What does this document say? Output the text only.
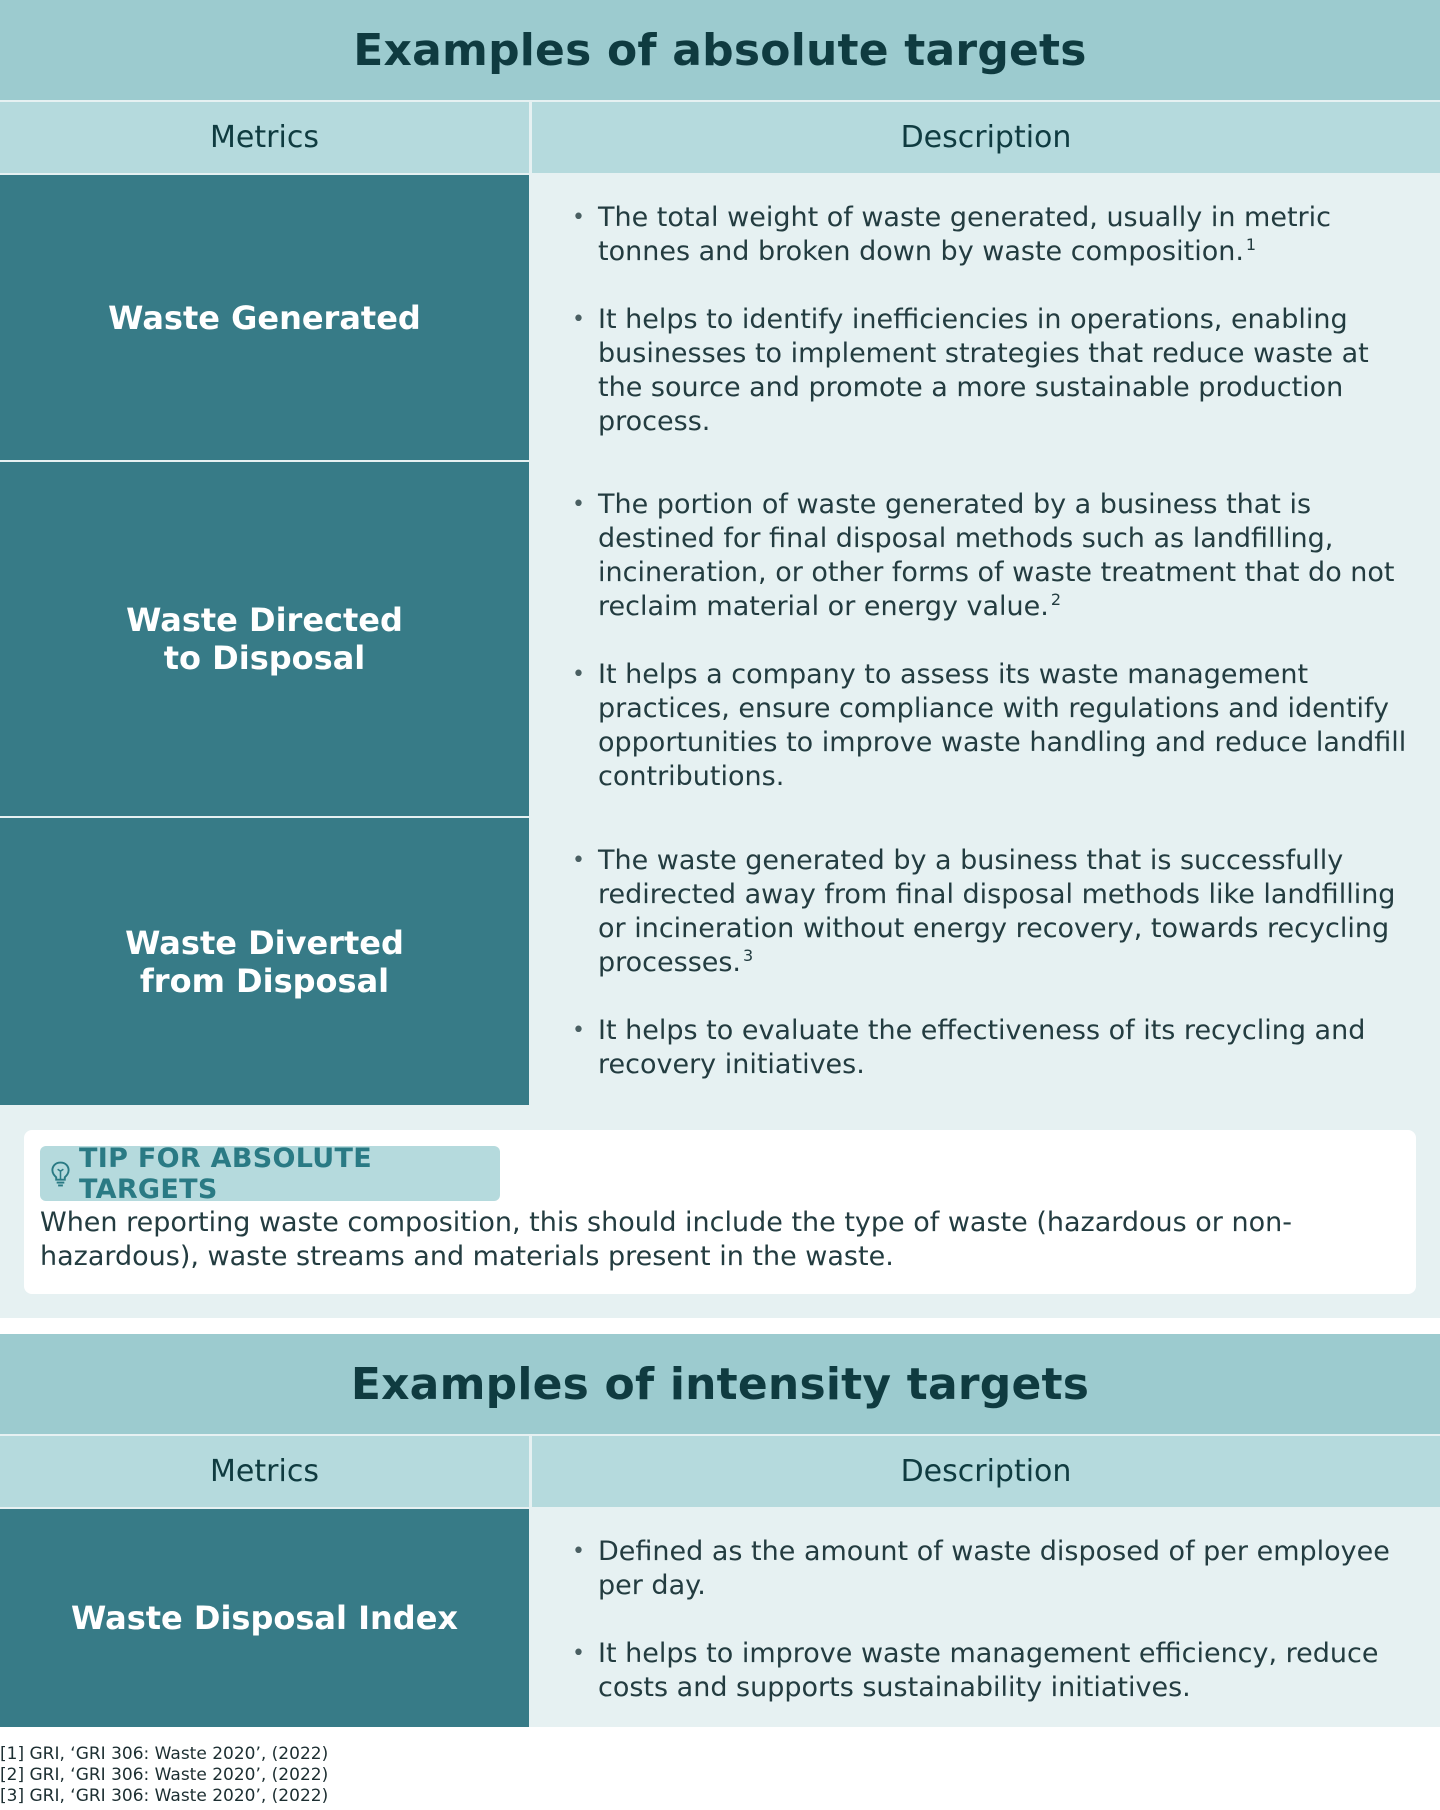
Examples of absolute targets
Metrics	Description
Waste Generated
• The total weight of waste generated, usually in metric tonnes and broken down by waste composition. $^1$
• It helps to identify inefficiencies in operations, enabling businesses to implement strategies that reduce waste at the source and promote a more sustainable production process.
Waste Directed to Disposal
• The portion of waste generated by a business that is destined for final disposal methods such as landfilling, incineration, or other forms of waste treatment that do not reclaim material or energy value. $^2$
• It helps a company to assess its waste management practices, ensure compliance with regulations and identify opportunities to improve waste handling and reduce landfill contributions.
Waste Diverted from Disposal
• The waste generated by a business that is successfully redirected away from final disposal methods like landfilling or incineration without energy recovery, towards recycling processes. $^3$
• It helps to evaluate the effectiveness of its recycling and recovery initiatives.
TIP FOR ABSOLUTE TARGETS
When reporting waste composition, this should include the type of waste (hazardous or non-hazardous), waste streams and materials present in the waste.
Examples of intensity targets
Metrics	Description
Waste Disposal Index
• Defined as the amount of waste disposed of per employee per day.
• It helps to improve waste management efficiency, reduce costs and supports sustainability initiatives.
[1] GRI, ‘GRI 306: Waste 2020’, (2022)
[2] GRI, ‘GRI 306: Waste 2020’, (2022)
[3] GRI, ‘GRI 306: Waste 2020’, (2022)
